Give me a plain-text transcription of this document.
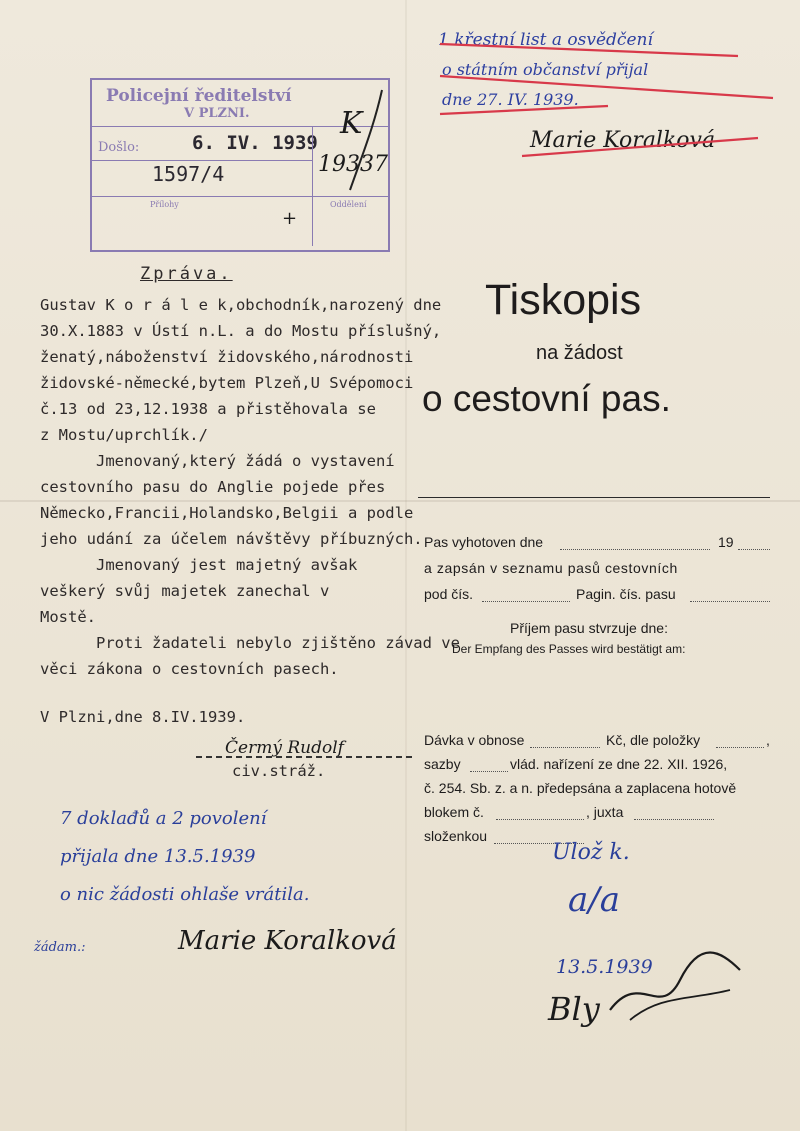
Policejní ředitelství
V PLZNI.
Došlo:	6. IV. 1939
1597/4
K
19337
Přílohy	Oddělení
+
1 křestní list a osvědčení
o státním občanství přijal
dne 27. IV. 1939.
Marie Koralková
Zpráva.
Gustav K o r á l e k,obchodník,narozený dne
30.X.1883 v Ústí n.L. a do Mostu příslušný,
ženatý,náboženství židovského,národnosti
židovské-německé,bytem Plzeň,U Svépomoci
č.13 od 23,12.1938 a přistěhovala se
z Mostu/uprchlík./
Jmenovaný,který žádá o vystavení
cestovního pasu do Anglie pojede přes
Německo,Francii,Holandsko,Belgii a podle
jeho udání za účelem návštěvy příbuzných.
Jmenovaný jest majetný avšak
veškerý svůj majetek zanechal v
Mostě.
Proti žadateli nebylo zjištěno závad ve
věci zákona o cestovních pasech.
V Plzni,dne 8.IV.1939.
Čermý Rudolf
civ.stráž.
Tiskopis
na žádost
o cestovní pas.
Pas vyhotoven dne	19
a zapsán v seznamu pasů cestovních
pod čís.	Pagin. čís. pasu
Příjem pasu stvrzuje dne:
Der Empfang des Passes wird bestätigt am:
Dávka v obnose	Kč, dle položky	,
sazby	vlád. nařízení ze dne 22. XII. 1926,
č. 254. Sb. z. a n. předepsána a zaplacena hotově
blokem č.	, juxta
složenkou
7 doklađů a 2 povolení
přijala dne 13.5.1939
o nic žádosti ohlaše vrátila.
žádam.:	Marie Koralková
Ulož k.
a/a
13.5.1939
Bly
